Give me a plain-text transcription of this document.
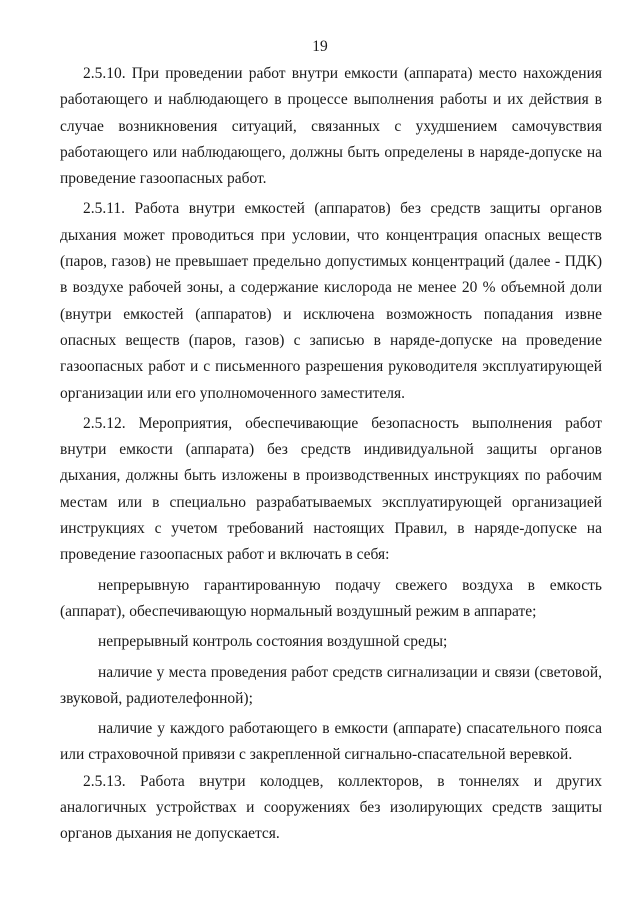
19

2.5.10. При проведении работ внутри емкости (аппарата) место нахождения работающего и наблюдающего в процессе выполнения работы и их действия в случае возникновения ситуаций, связанных с ухудшением самочувствия работающего или наблюдающего, должны быть определены в наряде-допуске на проведение газоопасных работ.

2.5.11. Работа внутри емкостей (аппаратов) без средств защиты органов дыхания может проводиться при условии, что концентрация опасных веществ (паров, газов) не превышает предельно допустимых концентраций (далее - ПДК) в воздухе рабочей зоны, а содержание кислорода не менее 20 % объемной доли (внутри емкостей (аппаратов) и исключена возможность попадания извне опасных веществ (паров, газов) с записью в наряде-допуске на проведение газоопасных работ и с письменного разрешения руководителя эксплуатирующей организации или его уполномоченного заместителя.

2.5.12. Мероприятия, обеспечивающие безопасность выполнения работ внутри емкости (аппарата) без средств индивидуальной защиты органов дыхания, должны быть изложены в производственных инструкциях по рабочим местам или в специально разрабатываемых эксплуатирующей организацией инструкциях с учетом требований настоящих Правил, в наряде-допуске на проведение газоопасных работ и включать в себя:

непрерывную гарантированную подачу свежего воздуха в емкость (аппарат), обеспечивающую нормальный воздушный режим в аппарате;

непрерывный контроль состояния воздушной среды;

наличие у места проведения работ средств сигнализации и связи (световой, звуковой, радиотелефонной);

наличие у каждого работающего в емкости (аппарате) спасательного пояса или страховочной привязи с закрепленной сигнально-спасательной веревкой.

2.5.13. Работа внутри колодцев, коллекторов, в тоннелях и других аналогичных устройствах и сооружениях без изолирующих средств защиты органов дыхания не допускается.
